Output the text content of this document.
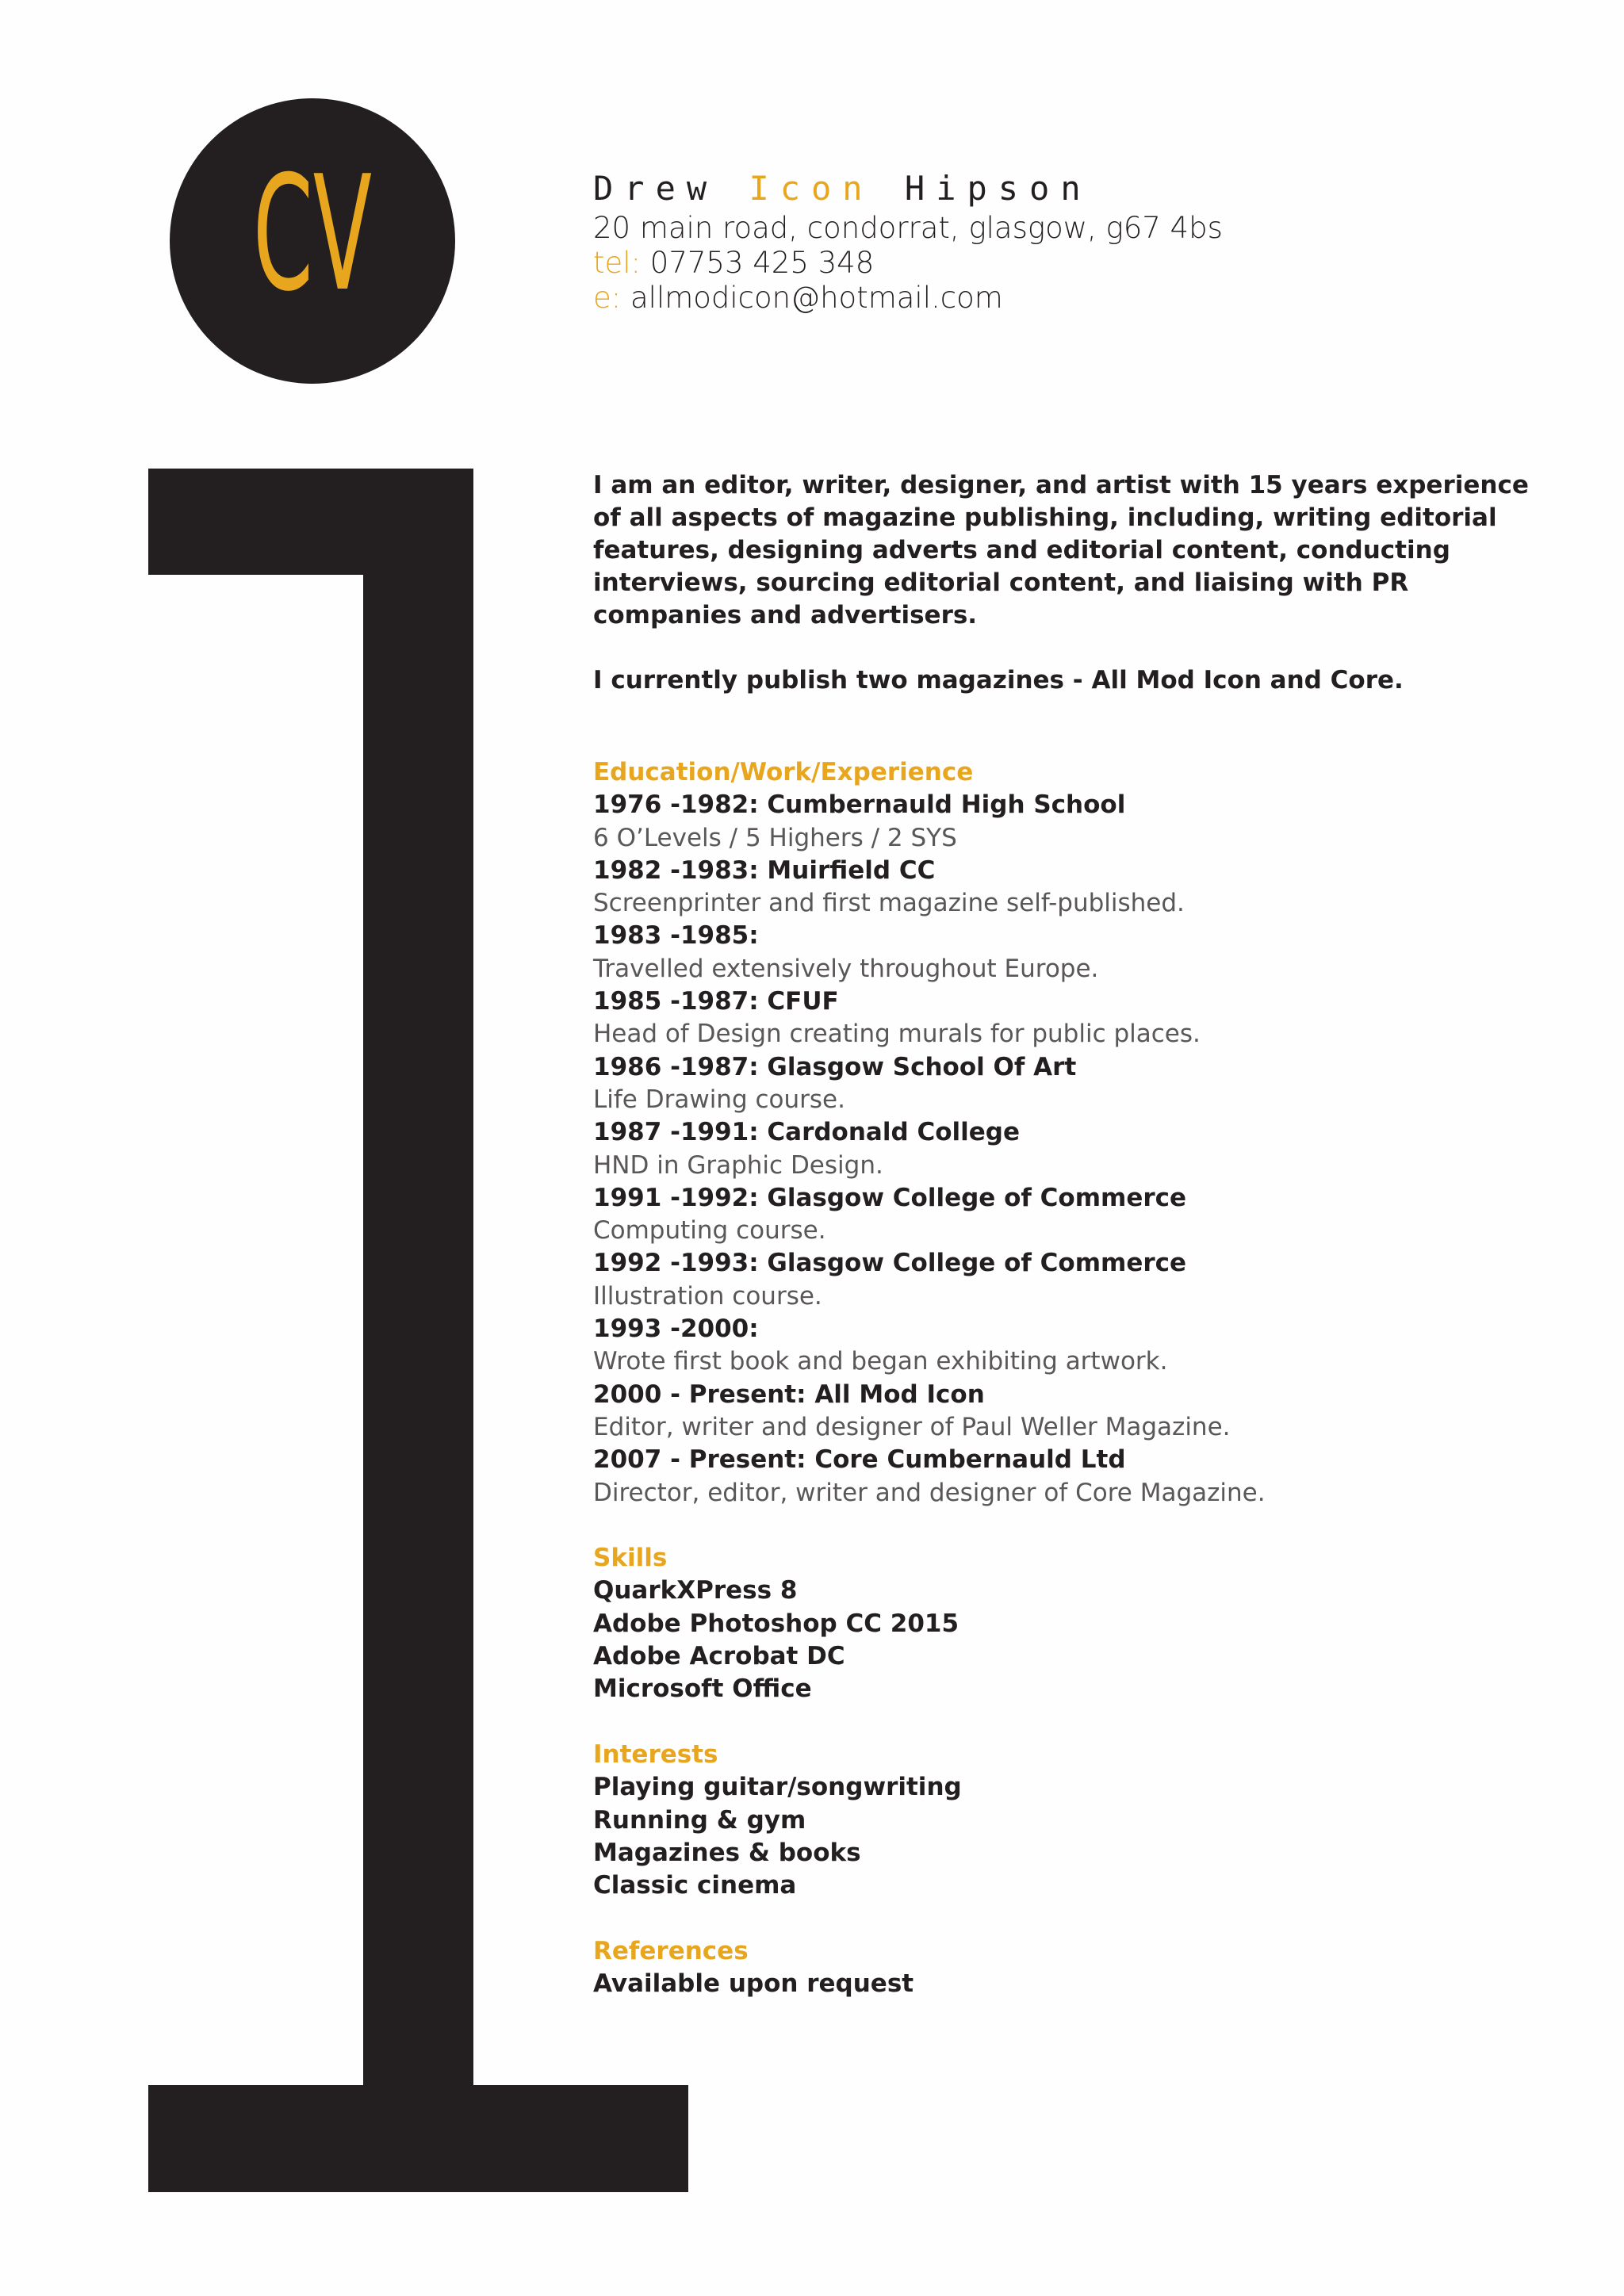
CV	Drew Icon Hipson
20 main road, condorrat, glasgow, g67 4bs
tel: 07753 425 348
e: allmodicon@hotmail.com

I am an editor, writer, designer, and artist with 15 years experience of all aspects of magazine publishing, including, writing editorial features, designing adverts and editorial content, conducting interviews, sourcing editorial content, and liaising with PR companies and advertisers.

I currently publish two magazines - All Mod Icon and Core.

Education/Work/Experience

1976 -1982: Cumbernauld High School

6 O’Levels / 5 Highers / 2 SYS

1982 -1983: Muirfield CC

Screenprinter and first magazine self-published.

1983 -1985:

Travelled extensively throughout Europe.

1985 -1987: CFUF

Head of Design creating murals for public places.

1986 -1987: Glasgow School Of Art

Life Drawing course.

1987 -1991: Cardonald College

HND in Graphic Design.

1991 -1992: Glasgow College of Commerce

Computing course.

1992 -1993: Glasgow College of Commerce

Illustration course.

1993 -2000:

Wrote first book and began exhibiting artwork.

2000 - Present: All Mod Icon

Editor, writer and designer of Paul Weller Magazine.

2007 - Present: Core Cumbernauld Ltd

Director, editor, writer and designer of Core Magazine.

Skills

QuarkXPress 8

Adobe Photoshop CC 2015

Adobe Acrobat DC

Microsoft Office

Interests

Playing guitar/songwriting

Running & gym

Magazines & books

Classic cinema

References

Available upon request
